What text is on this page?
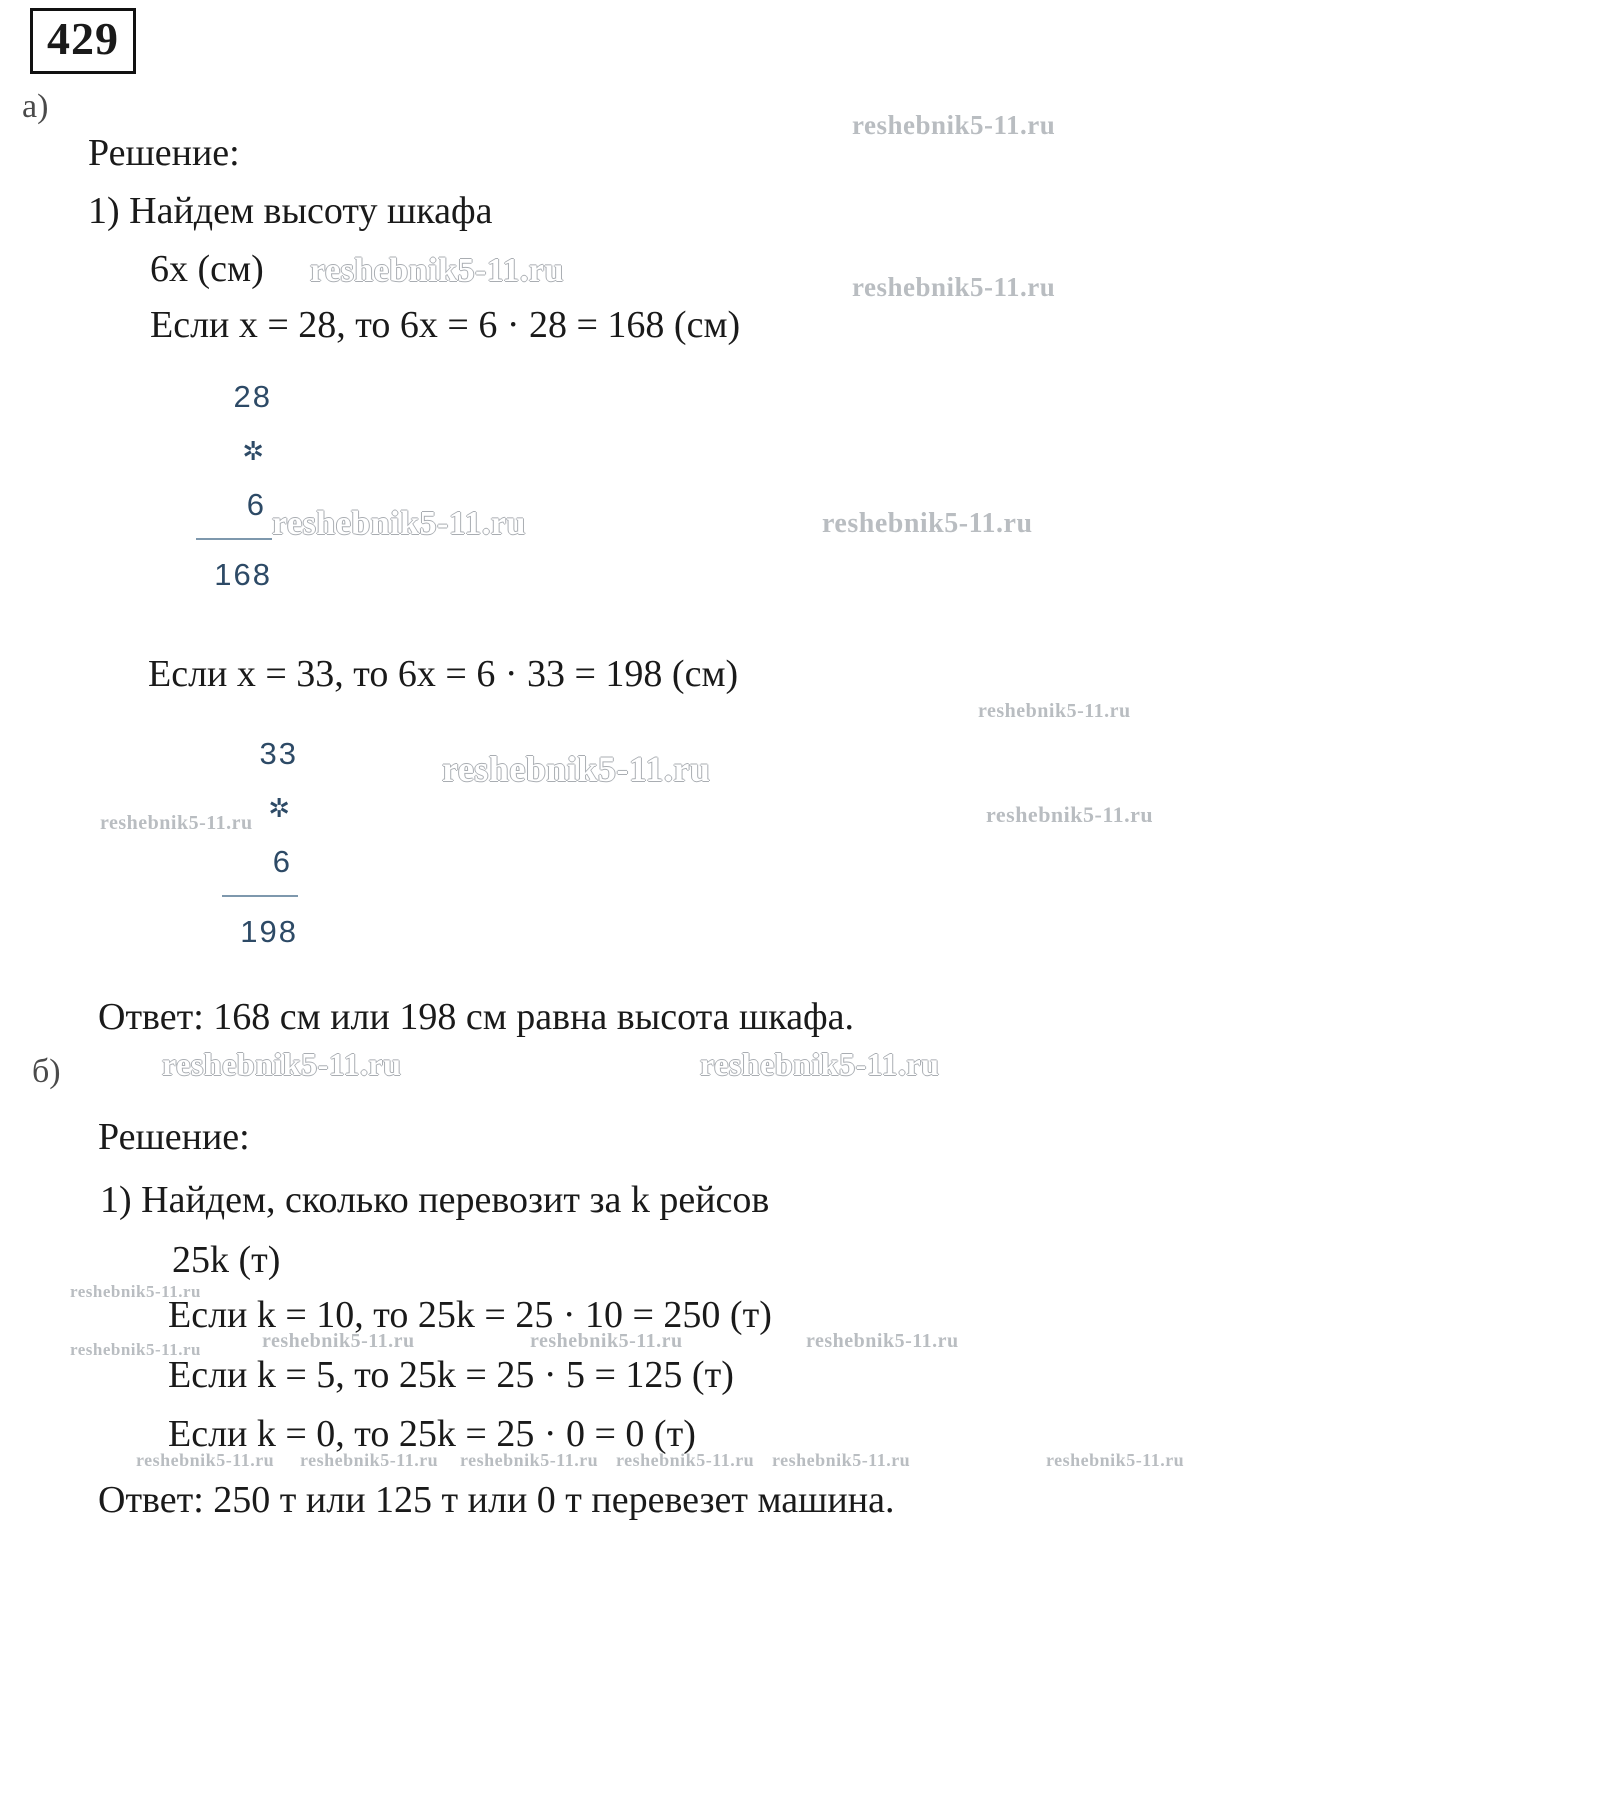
429
а)
Решение:
1) Найдем высоту шкафа
6х (см)
Если х = 28, то 6х = 6 · 28 = 168 (см)
28
✲
6
168
Если х = 33, то 6х = 6 · 33 = 198 (см)
33
✲
6
198
Ответ: 168 см или 198 см равна высота шкафа.
б)
Решение:
1) Найдем, сколько перевозит за k рейсов
25k (т)
Если k = 10, то 25k = 25 · 10 = 250 (т)
Если k = 5, то 25k = 25 · 5 = 125 (т)
Если k = 0, то 25k = 25 · 0 = 0 (т)
Ответ: 250 т или 125 т или 0 т перевезет машина.
reshebnik5-11.ru
reshebnik5-11.ru	reshebnik5-11.ru
reshebnik5-11.ru	reshebnik5-11.ru
reshebnik5-11.ru
reshebnik5-11.ru
reshebnik5-11.ru	reshebnik5-11.ru
reshebnik5-11.ru	reshebnik5-11.ru
reshebnik5-11.ru
reshebnik5-11.ru	reshebnik5-11.ru	reshebnik5-11.ru	reshebnik5-11.ru
reshebnik5-11.ru reshebnik5-11.ru reshebnik5-11.ru reshebnik5-11.ru reshebnik5-11.ru	reshebnik5-11.ru
